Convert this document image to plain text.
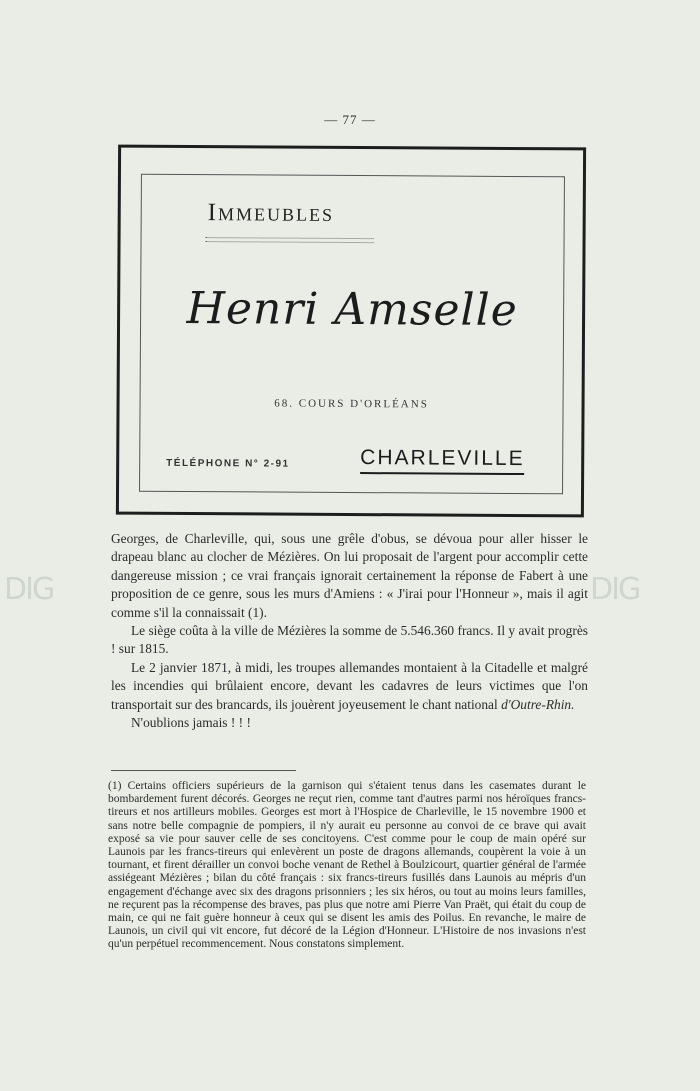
— 77 —
Immeubles
Henri Amselle
68. COURS D'ORLÉANS
TÉLÉPHONE N° 2-91	CHARLEVILLE
DIG	DIG

Georges, de Charleville, qui, sous une grêle d'obus, se dévoua pour aller hisser le drapeau blanc au clocher de Mézières. On lui proposait de l'argent pour accomplir cette dangereuse mission ; ce vrai français ignorait certainement la réponse de Fabert à une proposition de ce genre, sous les murs d'Amiens : « J'irai pour l'Honneur », mais il agit comme s'il la connaissait (1).

Le siège coûta à la ville de Mézières la somme de 5.546.360 francs. Il y avait progrès ! sur 1815.

Le 2 janvier 1871, à midi, les troupes allemandes montaient à la Citadelle et malgré les incendies qui brûlaient encore, devant les cadavres de leurs victimes que l'on transportait sur des brancards, ils jouèrent joyeusement le chant national d'Outre-Rhin.

N'oublions jamais ! ! !

(1) Certains officiers supérieurs de la garnison qui s'étaient tenus dans les casemates durant le bombardement furent décorés. Georges ne reçut rien, comme tant d'autres parmi nos héroïques francs-tireurs et nos artilleurs mobiles. Georges est mort à l'Hospice de Charleville, le 15 novembre 1900 et sans notre belle compagnie de pompiers, il n'y aurait eu personne au convoi de ce brave qui avait exposé sa vie pour sauver celle de ses concitoyens. C'est comme pour le coup de main opéré sur Launois par les francs-tireurs qui enlevèrent un poste de dragons allemands, coupèrent la voie à un tournant, et firent dérailler un convoi boche venant de Rethel à Boulzicourt, quartier général de l'armée assiégeant Mézières ; bilan du côté français : six francs-tireurs fusillés dans Launois au mépris d'un engagement d'échange avec six des dragons prisonniers ; les six héros, ou tout au moins leurs familles, ne reçurent pas la récompense des braves, pas plus que notre ami Pierre Van Praët, qui était du coup de main, ce qui ne fait guère honneur à ceux qui se disent les amis des Poilus. En revanche, le maire de Launois, un civil qui vit encore, fut décoré de la Légion d'Honneur. L'Histoire de nos invasions n'est qu'un perpétuel recommencement. Nous constatons simplement.
